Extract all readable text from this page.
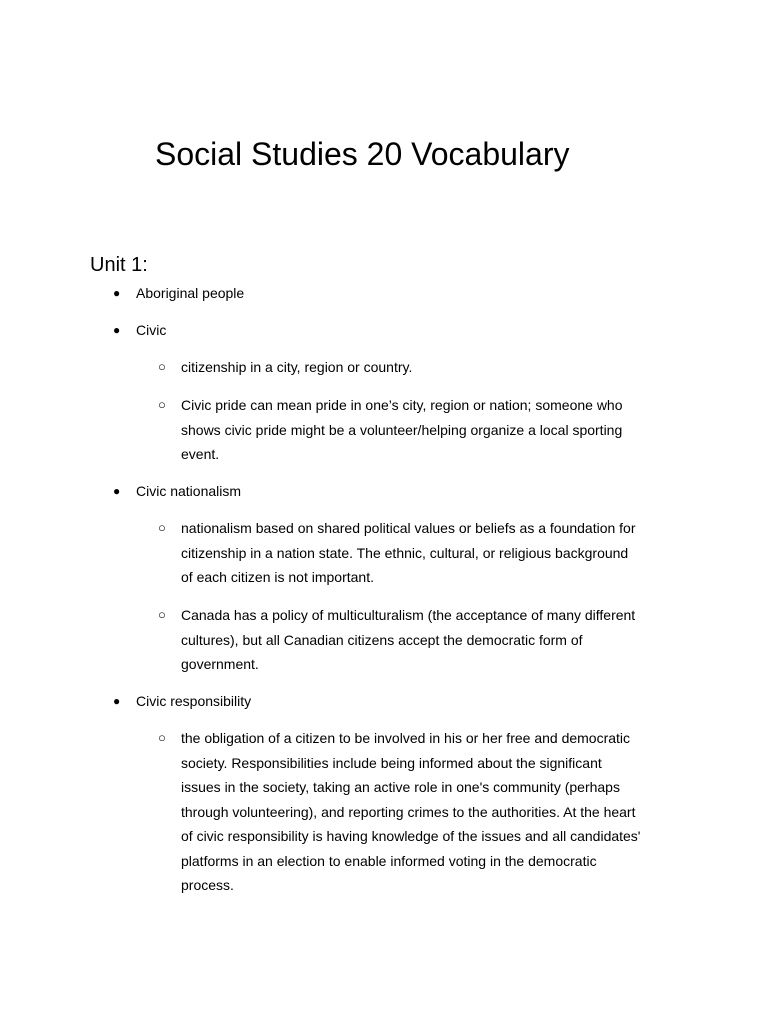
Social Studies 20 Vocabulary
Unit 1:
● Aboriginal people

● Civic

○ citizenship in a city, region or country.

○ Civic pride can mean pride in one’s city, region or nation; someone who shows civic pride might be a volunteer/helping organize a local sporting event.

● Civic nationalism

○ nationalism based on shared political values or beliefs as a foundation for citizenship in a nation state. The ethnic, cultural, or religious background of each citizen is not important.

○ Canada has a policy of multiculturalism (the acceptance of many different cultures), but all Canadian citizens accept the democratic form of government.

● Civic responsibility

○ the obligation of a citizen to be involved in his or her free and democratic society. Responsibilities include being informed about the significant issues in the society, taking an active role in one's community (perhaps through volunteering), and reporting crimes to the authorities. At the heart of civic responsibility is having knowledge of the issues and all candidates' platforms in an election to enable informed voting in the democratic process.
